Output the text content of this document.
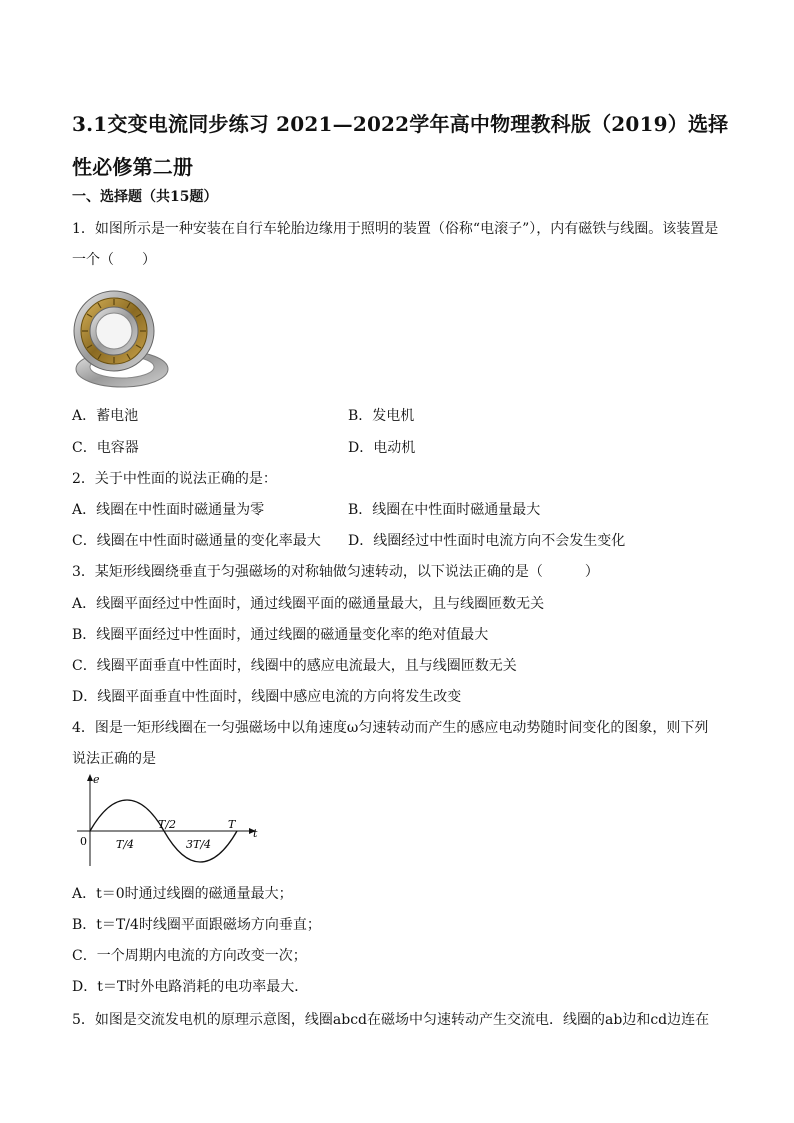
3.1交变电流同步练习 2021—2022学年高中物理教科版（2019）选择性必修第二册
一、选择题（共15题）
1．如图所示是一种安装在自行车轮胎边缘用于照明的装置（俗称“电滚子”），内有磁铁与线圈。该装置是
一个（　　）
A．蓄电池	B．发电机
C．电容器	D．电动机
2．关于中性面的说法正确的是：
A．线圈在中性面时磁通量为零	B．线圈在中性面时磁通量最大
C．线圈在中性面时磁通量的变化率最大 D．线圈经过中性面时电流方向不会发生变化
3．某矩形线圈绕垂直于匀强磁场的对称轴做匀速转动，以下说法正确的是（　　　）
A．线圈平面经过中性面时，通过线圈平面的磁通量最大，且与线圈匝数无关
B．线圈平面经过中性面时，通过线圈的磁通量变化率的绝对值最大
C．线圈平面垂直中性面时，线圈中的感应电流最大，且与线圈匝数无关
D．线圈平面垂直中性面时，线圈中感应电流的方向将发生改变
4．图是一矩形线圈在一匀强磁场中以角速度ω匀速转动而产生的感应电动势随时间变化的图象，则下列
说法正确的是
e
t
0
T/2	T
T/4	3T/4
A．t＝0时通过线圈的磁通量最大；
B．t＝T/4时线圈平面跟磁场方向垂直；
C．一个周期内电流的方向改变一次；
D．t＝T时外电路消耗的电功率最大．
5．如图是交流发电机的原理示意图，线圈abcd在磁场中匀速转动产生交流电．线圈的ab边和cd边连在
